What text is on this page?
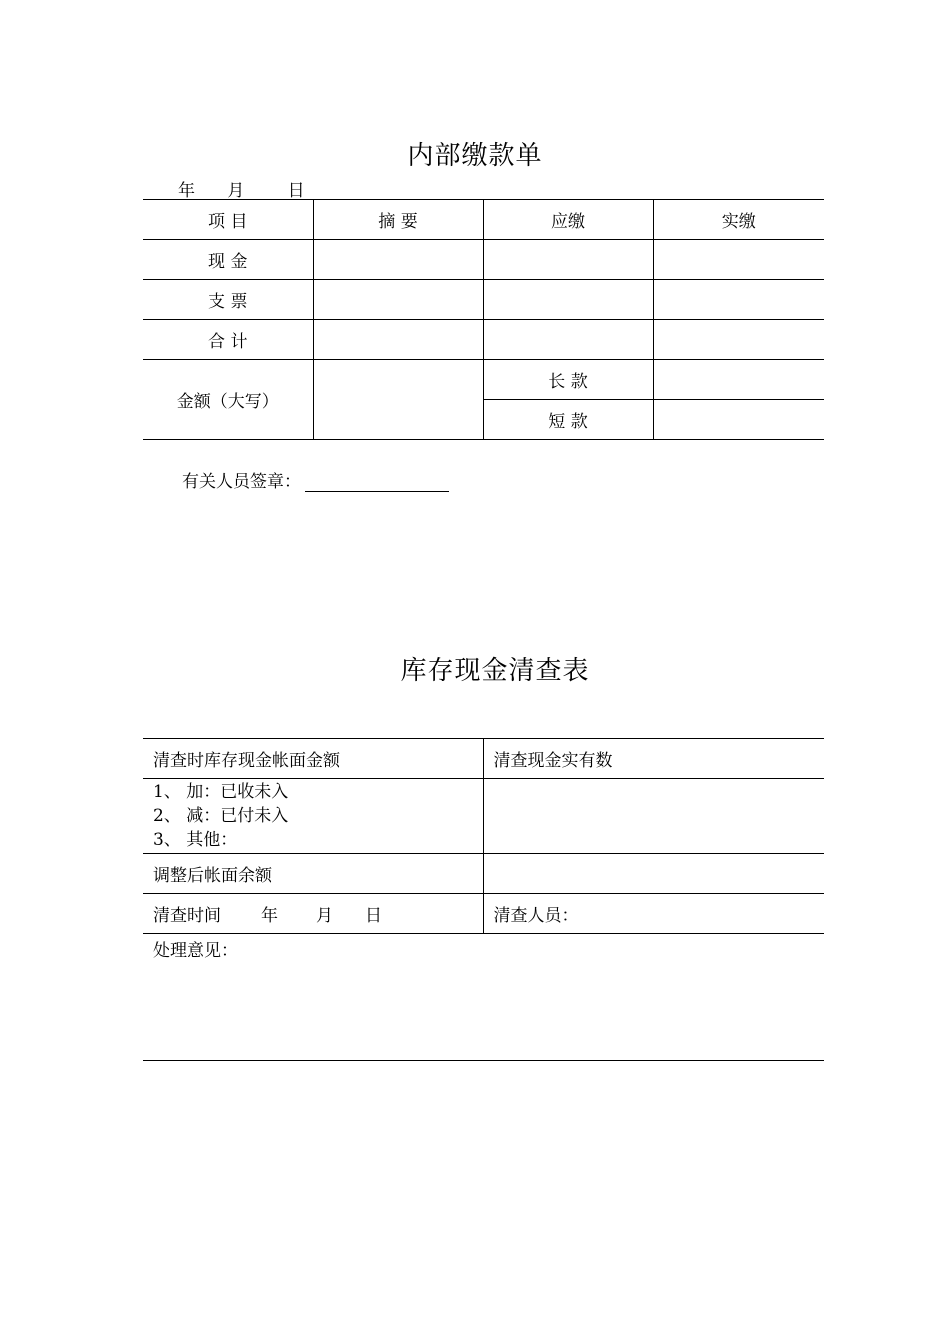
内部缴款单
年      月        日
项 目	摘 要	应缴	实缴
现 金			
支 票			
合 计			
金额（大写）		长 款	
		短 款	
有关人员签章：
库存现金清查表
清查时库存现金帐面金额	清查现金实有数

1、 加：已收未入
2、 减：已付未入
3、 其他：	

调整后帐面余额	
清查时间 年 月 日	清查人员：
处理意见：	
